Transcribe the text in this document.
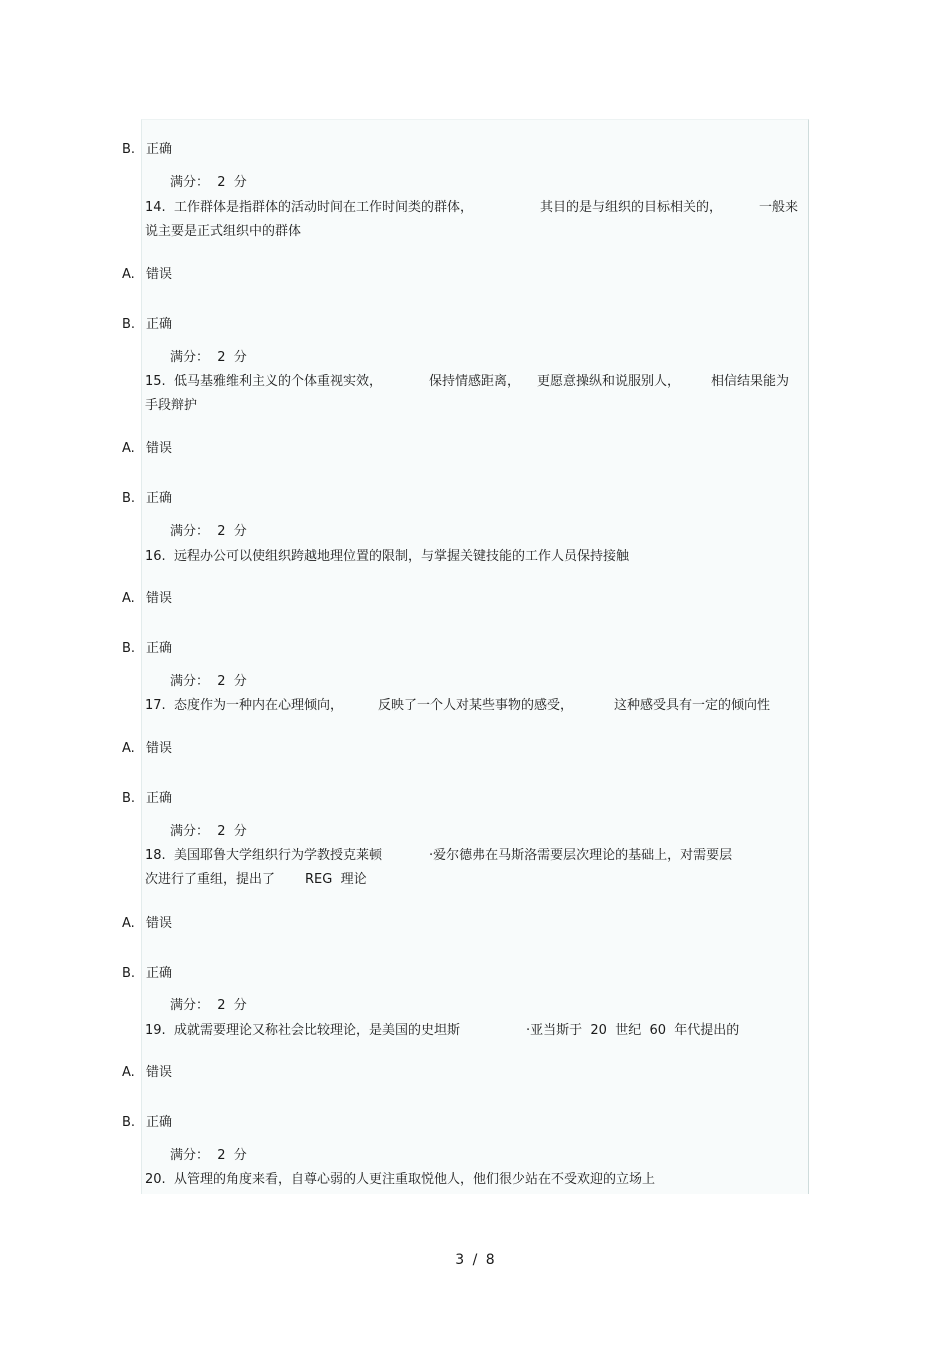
B. 正确
满分：  2  分
14.  工作群体是指群体的活动时间在工作时间类的群体，	其目的是与组织的目标相关的，	一般来
说主要是正式组织中的群体
A. 错误
B. 正确
满分：  2  分
15.  低马基雅维利主义的个体重视实效，	保持情感距离， 更愿意操纵和说服别人， 相信结果能为
手段辩护
A. 错误
B. 正确
满分：  2  分
16.  远程办公可以使组织跨越地理位置的限制，与掌握关键技能的工作人员保持接触
A. 错误
B. 正确
满分：  2  分
17.  态度作为一种内在心理倾向，	反映了一个人对某些事物的感受，	这种感受具有一定的倾向性
A. 错误
B. 正确
满分：  2  分
18.  美国耶鲁大学组织行为学教授克莱顿	·爱尔德弗在马斯洛需要层次理论的基础上，对需要层
次进行了重组，提出了 REG  理论
A. 错误
B. 正确
满分：  2  分
19.  成就需要理论又称社会比较理论，是美国的史坦斯	·亚当斯于  20  世纪  60  年代提出的
A. 错误
B. 正确
满分：  2  分
20.  从管理的角度来看，自尊心弱的人更注重取悦他人，他们很少站在不受欢迎的立场上
3 / 8
